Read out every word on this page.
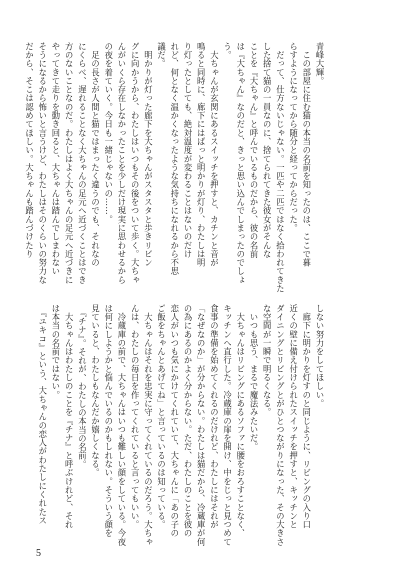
青峰大輝。
　この部屋に住む猫の本当の名前を知ったのは、ここで暮
らすようになってから随分と経ってからだった。
　だって、仕方ないじゃない。一匹や二匹ではなく拾われてきた
した捨て猫の一員なのに、捨てられてきた彼女がそんな
ことを『大ちゃん』と呼んでいるものだから、彼の名前
は『大ちゃん』なのだと、きっと思い込んでしまったのでしょ
う。
　大ちゃんが玄関にあるスイッチを押すと、カチンと音が
鳴ると同時に、廊下にはばっと明かりが灯り、わたしは明
り灯ったとしても、絶対温度が変わることはないのだけ
れど、何となく温かくなったような気持ちになれるから不思
議だ。
　明かりが灯った廊下を大ちゃんがスタスタと歩きリビン
グに向かうから、わたしはいつもその後をついて歩く。大ちゃ
んがいくら存在しなかったことを少しだけ現実に思わせるから
の夜を着ていく。今日も一緒じゃないの……。
　足の長さが人間と猫ではまったく違うのでも、それなの
にくらべ、遅れることなく大ちゃんの足元へ近づくことはでき
方のないことなのだ。わたしはよく大ちゃんの足元へ近づきに
やってきて走りを動き回ると、大ちゃんは踏んでしまわない
そうになるから怖いと言うけど、わたしはそのくらいの努力な
だから、そこは認めてほしい。大ちゃんも踏んづけたり
しない努力をしてほしい。
　廊下に明かりを灯すのと同じように、リビングの入り口
近くの壁に備え付けられたスイッチを押すと、キッチンと
ダイニングとリビングとがひとつながりになった、その大きさ
な空間が一瞬で明るくなる。
　いつも思う、まるで魔法みたいだ。
　大ちゃんはリビングにあるソファに腰をおろすことなく、
キッチンへ直行した。冷蔵庫の扉を開け、中をじっと見つめて
食事の準備を始めてくれるのだけれど、わたしにはそれが
「なぜなのか」が分からない。わたしは猫だから、冷蔵庫が何
の為にあるのかよく分からない。ただ、わたしのことを彼の
恋人がいつも気にかけてくれていて、大ちゃんに「あの子の
ご飯をちゃんとあげてね」と言っているのは知っている。
　大ちゃんはそれを忠実に守ってくれているのだろう。大ちゃ
んは、わたしの毎日を作ってくれていると言ってもいい。
　冷蔵庫の前で、大ちゃんはいつも難しい顔をしている。今夜
は何にしようかと悩んでいるのかもしれない。そういう顔を
見ていると、わたしもなんだか嬉しくなる。
　『チナ』。それが、わたしの本当の名前。
　大ちゃんはわたしのことを『チナ』と呼ぶけれど、それ
は本当の名前ではない。
　『ユキコ』という、大ちゃんの恋人がわたしにくれたス
5
